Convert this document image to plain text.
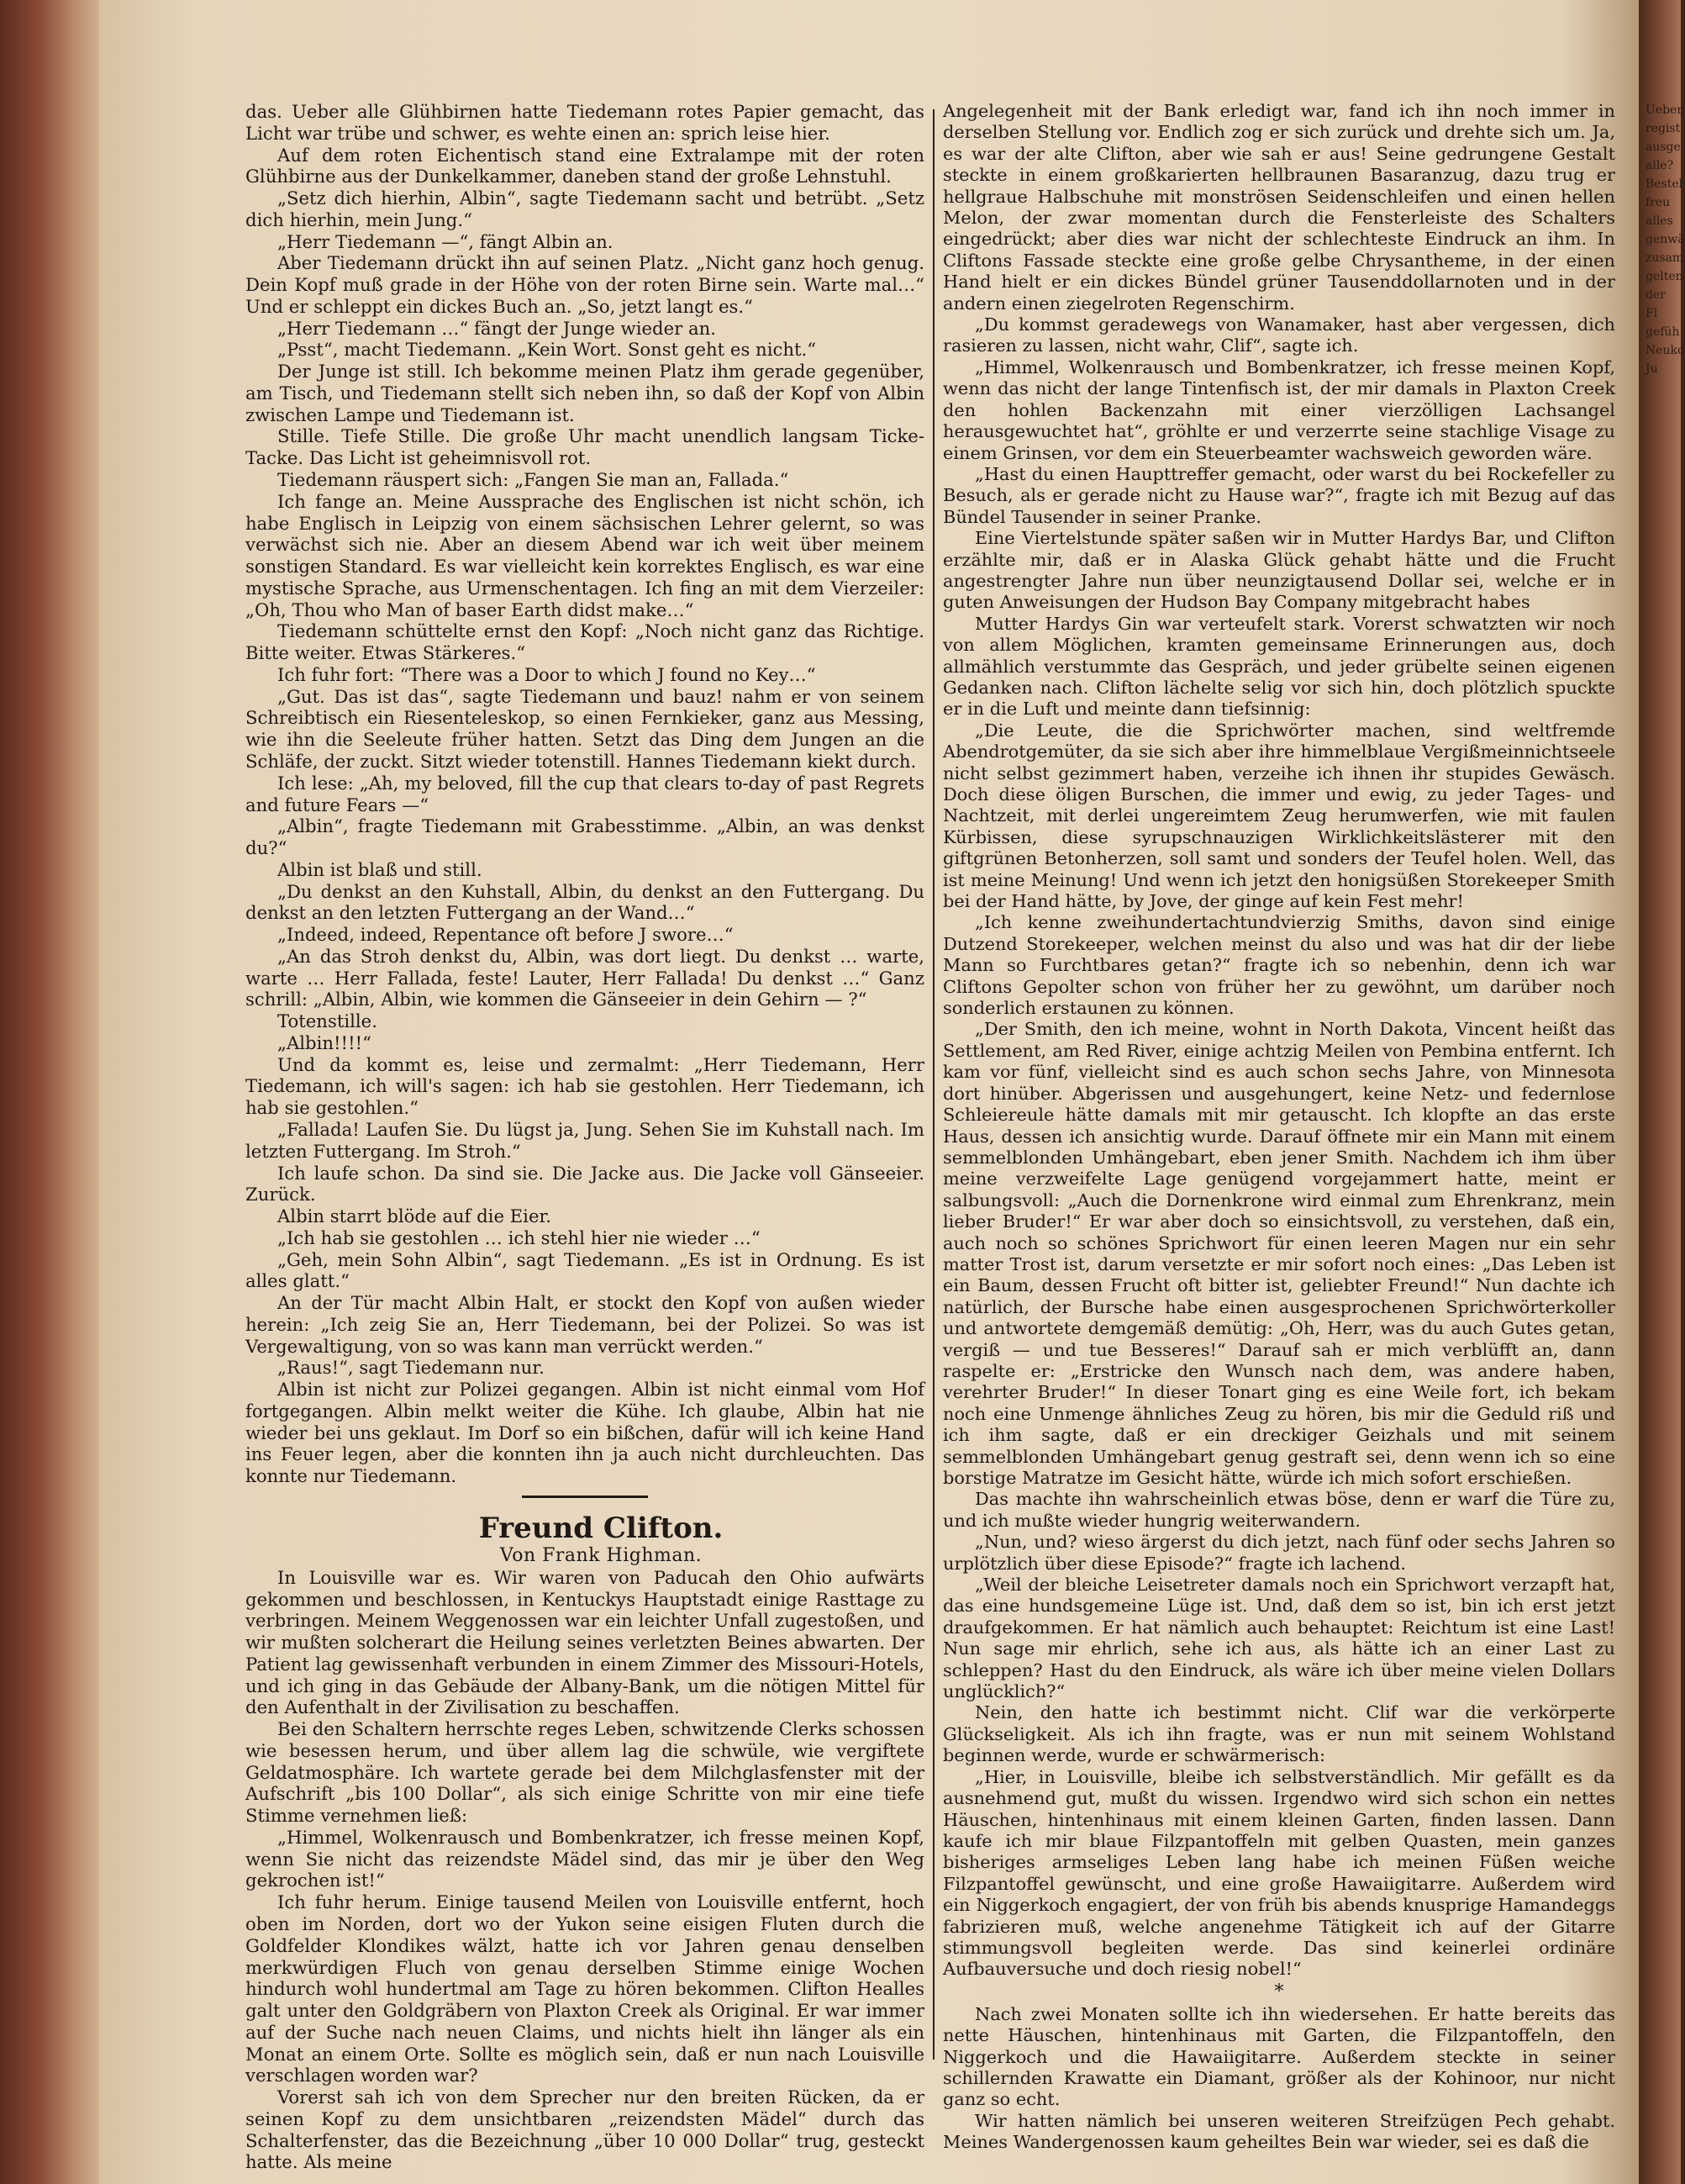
das. Ueber alle Glühbirnen hatte Tiedemann rotes Papier gemacht, das Licht war trübe und schwer, es wehte einen an: sprich leise hier.

Auf dem roten Eichentisch stand eine Extralampe mit der roten Glühbirne aus der Dunkelkammer, daneben stand der große Lehnstuhl.

„Setz dich hierhin, Albin“, sagte Tiedemann sacht und betrübt. „Setz dich hierhin, mein Jung.“

„Herr Tiedemann —“, fängt Albin an.

Aber Tiedemann drückt ihn auf seinen Platz. „Nicht ganz hoch genug. Dein Kopf muß grade in der Höhe von der roten Birne sein. Warte mal…“ Und er schleppt ein dickes Buch an. „So, jetzt langt es.“

„Herr Tiedemann …“ fängt der Junge wieder an.

„Psst“, macht Tiedemann. „Kein Wort. Sonst geht es nicht.“

Der Junge ist still. Ich bekomme meinen Platz ihm gerade gegenüber, am Tisch, und Tiedemann stellt sich neben ihn, so daß der Kopf von Albin zwischen Lampe und Tiedemann ist.

Stille. Tiefe Stille. Die große Uhr macht unendlich langsam Ticke-Tacke. Das Licht ist geheimnisvoll rot.

Tiedemann räuspert sich: „Fangen Sie man an, Fallada.“

Ich fange an. Meine Aussprache des Englischen ist nicht schön, ich habe Englisch in Leipzig von einem sächsischen Lehrer gelernt, so was verwächst sich nie. Aber an diesem Abend war ich weit über meinem sonstigen Standard. Es war vielleicht kein korrektes Englisch, es war eine mystische Sprache, aus Urmenschentagen. Ich fing an mit dem Vierzeiler: „Oh, Thou who Man of baser Earth didst make…“

Tiedemann schüttelte ernst den Kopf: „Noch nicht ganz das Richtige. Bitte weiter. Etwas Stärkeres.“

Ich fuhr fort: “There was a Door to which J found no Key…“

„Gut. Das ist das“, sagte Tiedemann und bauz! nahm er von seinem Schreibtisch ein Riesenteleskop, so einen Fernkieker, ganz aus Messing, wie ihn die Seeleute früher hatten. Setzt das Ding dem Jungen an die Schläfe, der zuckt. Sitzt wieder totenstill. Hannes Tiedemann kiekt durch.

Ich lese: „Ah, my beloved, fill the cup that clears to-day of past Regrets and future Fears —“

„Albin“, fragte Tiedemann mit Grabesstimme. „Albin, an was denkst du?“

Albin ist blaß und still.

„Du denkst an den Kuhstall, Albin, du denkst an den Futtergang. Du denkst an den letzten Futtergang an der Wand…“

„Indeed, indeed, Repentance oft before J swore…“

„An das Stroh denkst du, Albin, was dort liegt. Du denkst … warte, warte … Herr Fallada, feste! Lauter, Herr Fallada! Du denkst …“ Ganz schrill: „Albin, Albin, wie kommen die Gänseeier in dein Gehirn — ?“

Totenstille.

„Albin!!!!“

Und da kommt es, leise und zermalmt: „Herr Tiedemann, Herr Tiedemann, ich will's sagen: ich hab sie gestohlen. Herr Tiedemann, ich hab sie gestohlen.“

„Fallada! Laufen Sie. Du lügst ja, Jung. Sehen Sie im Kuhstall nach. Im letzten Futtergang. Im Stroh.“

Ich laufe schon. Da sind sie. Die Jacke aus. Die Jacke voll Gänseeier. Zurück.

Albin starrt blöde auf die Eier.

„Ich hab sie gestohlen … ich stehl hier nie wieder …“

„Geh, mein Sohn Albin“, sagt Tiedemann. „Es ist in Ordnung. Es ist alles glatt.“

An der Tür macht Albin Halt, er stockt den Kopf von außen wieder herein: „Ich zeig Sie an, Herr Tiedemann, bei der Polizei. So was ist Vergewaltigung, von so was kann man verrückt werden.“

„Raus!“, sagt Tiedemann nur.

Albin ist nicht zur Polizei gegangen. Albin ist nicht einmal vom Hof fortgegangen. Albin melkt weiter die Kühe. Ich glaube, Albin hat nie wieder bei uns geklaut. Im Dorf so ein bißchen, dafür will ich keine Hand ins Feuer legen, aber die konnten ihn ja auch nicht durchleuchten. Das konnte nur Tiedemann.

Freund Clifton.

Von Frank Highman.

In Louisville war es. Wir waren von Paducah den Ohio aufwärts gekommen und beschlossen, in Kentuckys Hauptstadt einige Rasttage zu verbringen. Meinem Weggenossen war ein leichter Unfall zugestoßen, und wir mußten solcherart die Heilung seines verletzten Beines abwarten. Der Patient lag gewissenhaft verbunden in einem Zimmer des Missouri-Hotels, und ich ging in das Gebäude der Albany-Bank, um die nötigen Mittel für den Aufenthalt in der Zivilisation zu beschaffen.

Bei den Schaltern herrschte reges Leben, schwitzende Clerks schossen wie besessen herum, und über allem lag die schwüle, wie vergiftete Geldatmosphäre. Ich wartete gerade bei dem Milchglasfenster mit der Aufschrift „bis 100 Dollar“, als sich einige Schritte von mir eine tiefe Stimme vernehmen ließ:

„Himmel, Wolkenrausch und Bombenkratzer, ich fresse meinen Kopf, wenn Sie nicht das reizendste Mädel sind, das mir je über den Weg gekrochen ist!“

Ich fuhr herum. Einige tausend Meilen von Louisville entfernt, hoch oben im Norden, dort wo der Yukon seine eisigen Fluten durch die Goldfelder Klondikes wälzt, hatte ich vor Jahren genau denselben merkwürdigen Fluch von genau derselben Stimme einige Wochen hindurch wohl hundertmal am Tage zu hören bekommen. Clifton Healles galt unter den Goldgräbern von Plaxton Creek als Original. Er war immer auf der Suche nach neuen Claims, und nichts hielt ihn länger als ein Monat an einem Orte. Sollte es möglich sein, daß er nun nach Louisville verschlagen worden war?

Vorerst sah ich von dem Sprecher nur den breiten Rücken, da er seinen Kopf zu dem unsichtbaren „reizendsten Mädel“ durch das Schalterfenster, das die Bezeichnung „über 10 000 Dollar“ trug, gesteckt hatte. Als meine

Angelegenheit mit der Bank erledigt war, fand ich ihn noch immer in derselben Stellung vor. Endlich zog er sich zurück und drehte sich um. Ja, es war der alte Clifton, aber wie sah er aus! Seine gedrungene Gestalt steckte in einem großkarierten hellbraunen Basaranzug, dazu trug er hellgraue Halbschuhe mit monströsen Seidenschleifen und einen hellen Melon, der zwar momentan durch die Fensterleiste des Schalters eingedrückt; aber dies war nicht der schlechteste Eindruck an ihm. In Cliftons Fassade steckte eine große gelbe Chrysantheme, in der einen Hand hielt er ein dickes Bündel grüner Tausenddollarnoten und in der andern einen ziegelroten Regenschirm.

„Du kommst geradewegs von Wanamaker, hast aber vergessen, dich rasieren zu lassen, nicht wahr, Clif“, sagte ich.

„Himmel, Wolkenrausch und Bombenkratzer, ich fresse meinen Kopf, wenn das nicht der lange Tintenfisch ist, der mir damals in Plaxton Creek den hohlen Backenzahn mit einer vierzölligen Lachsangel herausgewuchtet hat“, gröhlte er und verzerrte seine stachlige Visage zu einem Grinsen, vor dem ein Steuerbeamter wachsweich geworden wäre.

„Hast du einen Haupttreffer gemacht, oder warst du bei Rockefeller zu Besuch, als er gerade nicht zu Hause war?“, fragte ich mit Bezug auf das Bündel Tausender in seiner Pranke.

Eine Viertelstunde später saßen wir in Mutter Hardys Bar, und Clifton erzählte mir, daß er in Alaska Glück gehabt hätte und die Frucht angestrengter Jahre nun über neunzigtausend Dollar sei, welche er in guten Anweisungen der Hudson Bay Company mitgebracht habes

Mutter Hardys Gin war verteufelt stark. Vorerst schwatzten wir noch von allem Möglichen, kramten gemeinsame Erinnerungen aus, doch allmählich verstummte das Gespräch, und jeder grübelte seinen eigenen Gedanken nach. Clifton lächelte selig vor sich hin, doch plötzlich spuckte er in die Luft und meinte dann tiefsinnig:

„Die Leute, die die Sprichwörter machen, sind weltfremde Abendrotgemüter, da sie sich aber ihre himmelblaue Vergißmeinnichtseele nicht selbst gezimmert haben, verzeihe ich ihnen ihr stupides Gewäsch. Doch diese öligen Burschen, die immer und ewig, zu jeder Tages- und Nachtzeit, mit derlei ungereimtem Zeug herumwerfen, wie mit faulen Kürbissen, diese syrupschnauzigen Wirklichkeitslästerer mit den giftgrünen Betonherzen, soll samt und sonders der Teufel holen. Well, das ist meine Meinung! Und wenn ich jetzt den honigsüßen Storekeeper Smith bei der Hand hätte, by Jove, der ginge auf kein Fest mehr!

„Ich kenne zweihundertachtundvierzig Smiths, davon sind einige Dutzend Storekeeper, welchen meinst du also und was hat dir der liebe Mann so Furchtbares getan?“ fragte ich so nebenhin, denn ich war Cliftons Gepolter schon von früher her zu gewöhnt, um darüber noch sonderlich erstaunen zu können.

„Der Smith, den ich meine, wohnt in North Dakota, Vincent heißt das Settlement, am Red River, einige achtzig Meilen von Pembina entfernt. Ich kam vor fünf, vielleicht sind es auch schon sechs Jahre, von Minnesota dort hinüber. Abgerissen und ausgehungert, keine Netz- und federnlose Schleiereule hätte damals mit mir getauscht. Ich klopfte an das erste Haus, dessen ich ansichtig wurde. Darauf öffnete mir ein Mann mit einem semmelblonden Umhängebart, eben jener Smith. Nachdem ich ihm über meine verzweifelte Lage genügend vorgejammert hatte, meint er salbungsvoll: „Auch die Dornenkrone wird einmal zum Ehrenkranz, mein lieber Bruder!“ Er war aber doch so einsichtsvoll, zu verstehen, daß ein, auch noch so schönes Sprichwort für einen leeren Magen nur ein sehr matter Trost ist, darum versetzte er mir sofort noch eines: „Das Leben ist ein Baum, dessen Frucht oft bitter ist, geliebter Freund!“ Nun dachte ich natürlich, der Bursche habe einen ausgesprochenen Sprichwörterkoller und antwortete demgemäß demütig: „Oh, Herr, was du auch Gutes getan, vergiß — und tue Besseres!“ Darauf sah er mich verblüfft an, dann raspelte er: „Erstricke den Wunsch nach dem, was andere haben, verehrter Bruder!“ In dieser Tonart ging es eine Weile fort, ich bekam noch eine Unmenge ähnliches Zeug zu hören, bis mir die Geduld riß und ich ihm sagte, daß er ein dreckiger Geizhals und mit seinem semmelblonden Umhängebart genug gestraft sei, denn wenn ich so eine borstige Matratze im Gesicht hätte, würde ich mich sofort erschießen.

Das machte ihn wahrscheinlich etwas böse, denn er warf die Türe zu, und ich mußte wieder hungrig weiterwandern.

„Nun, und? wieso ärgerst du dich jetzt, nach fünf oder sechs Jahren so urplötzlich über diese Episode?“ fragte ich lachend.

„Weil der bleiche Leisetreter damals noch ein Sprichwort verzapft hat, das eine hundsgemeine Lüge ist. Und, daß dem so ist, bin ich erst jetzt draufgekommen. Er hat nämlich auch behauptet: Reichtum ist eine Last! Nun sage mir ehrlich, sehe ich aus, als hätte ich an einer Last zu schleppen? Hast du den Eindruck, als wäre ich über meine vielen Dollars unglücklich?“

Nein, den hatte ich bestimmt nicht. Clif war die verkörperte Glückseligkeit. Als ich ihn fragte, was er nun mit seinem Wohlstand beginnen werde, wurde er schwärmerisch:

„Hier, in Louisville, bleibe ich selbstverständlich. Mir gefällt es da ausnehmend gut, mußt du wissen. Irgendwo wird sich schon ein nettes Häuschen, hintenhinaus mit einem kleinen Garten, finden lassen. Dann kaufe ich mir blaue Filzpantoffeln mit gelben Quasten, mein ganzes bisheriges armseliges Leben lang habe ich meinen Füßen weiche Filzpantoffel gewünscht, und eine große Hawaiigitarre. Außerdem wird ein Niggerkoch engagiert, der von früh bis abends knusprige Hamandeggs fabrizieren muß, welche angenehme Tätigkeit ich auf der Gitarre stimmungsvoll begleiten werde. Das sind keinerlei ordinäre Aufbauversuche und doch riesig nobel!“

*

Nach zwei Monaten sollte ich ihn wiedersehen. Er hatte bereits das nette Häuschen, hintenhinaus mit Garten, die Filzpantoffeln, den Niggerkoch und die Hawaiigitarre. Außerdem steckte in seiner schillernden Krawatte ein Diamant, größer als der Kohinoor, nur nicht ganz so echt.

Wir hatten nämlich bei unseren weiteren Streifzügen Pech gehabt. Meines Wandergenossen kaum geheiltes Bein war wieder, sei es daß die

Ueber
regist
ausge
alle?
Bestel
freu
alles
genwä
zusam
gelten
der Fl
gefüh
Neuko
Ju
